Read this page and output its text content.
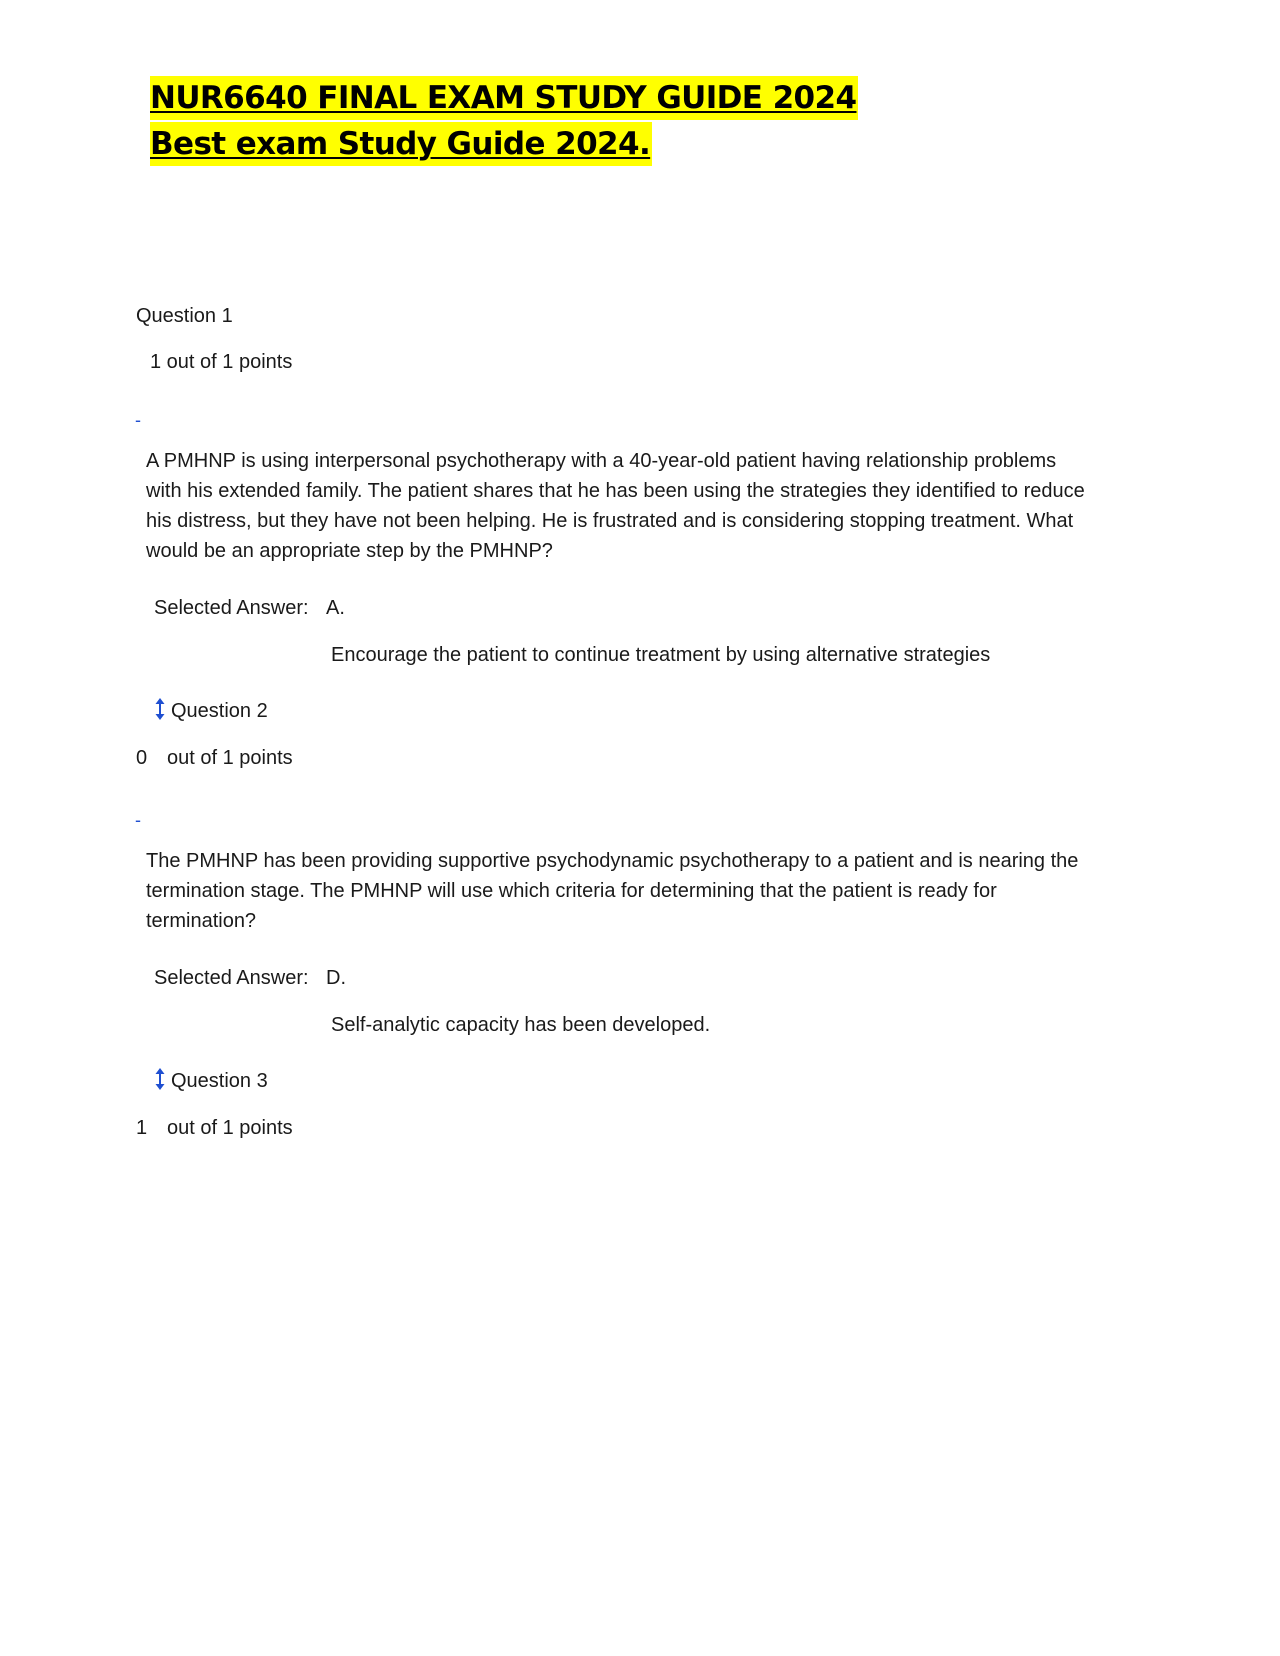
NUR6640 FINAL EXAM STUDY GUIDE 2024
Best exam Study Guide 2024.
Question 1
1 out of 1 points
-
A PMHNP is using interpersonal psychotherapy with a 40-year-old patient having relationship problems with his extended family. The patient shares that he has been using the strategies they identified to reduce his distress, but they have not been helping. He is frustrated and is considering stopping treatment. What would be an appropriate step by the PMHNP?
Selected Answer: A.
Encourage the patient to continue treatment by using alternative strategies
Question 2
0 out of 1 points
-
The PMHNP has been providing supportive psychodynamic psychotherapy to a patient and is nearing the termination stage. The PMHNP will use which criteria for determining that the patient is ready for termination?
Selected Answer: D.
Self-analytic capacity has been developed.
Question 3
1 out of 1 points
